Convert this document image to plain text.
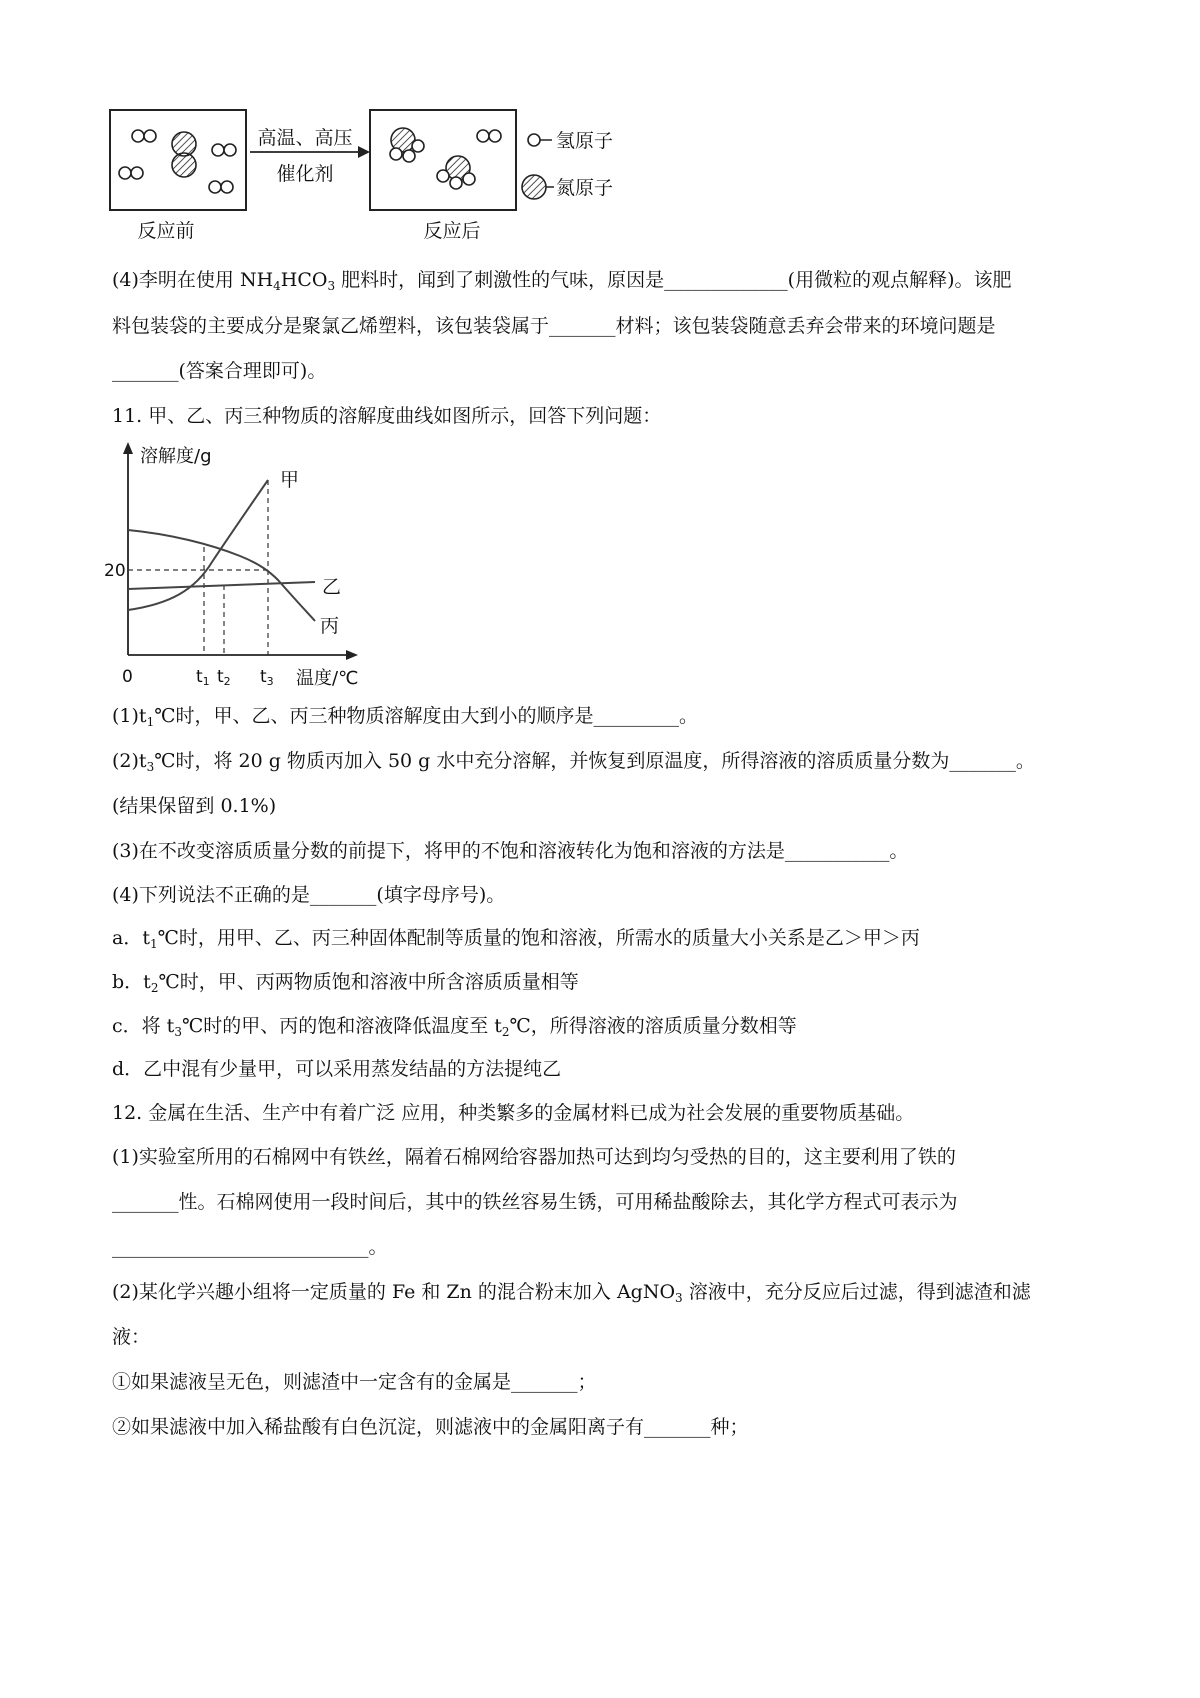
高温、高压
催化剂
反应前	反应后
氢原子
氮原子
(4)李明在使用 $NH_4HCO_3$ 肥料时，闻到了刺激性的气味，原因是_____________(用微粒的观点解释)。该肥
料包装袋的主要成分是聚氯乙烯塑料，该包装袋属于_______材料；该包装袋随意丢弃会带来的环境问题是
_______(答案合理即可)。
11. 甲、乙、丙三种物质的溶解度曲线如图所示，回答下列问题：
溶解度/g
0	温度/℃
20
甲
乙
丙
t1 t2 t3
$(1)t_1℃$时，甲、乙、丙三种物质溶解度由大到小的顺序是_________。
$(2)t_3℃$时，将 20 g 物质丙加入 50 g 水中充分溶解，并恢复到原温度，所得溶液的溶质质量分数为_______。
(结果保留到 0.1%)
(3)在不改变溶质质量分数的前提下，将甲的不饱和溶液转化为饱和溶液的方法是___________。
(4)下列说法不正确的是_______(填字母序号)。
a．$t_1℃$时，用甲、乙、丙三种固体配制等质量的饱和溶液，所需水的质量大小关系是乙＞甲＞丙
b．$t_2℃$时，甲、丙两物质饱和溶液中所含溶质质量相等
c．将 $t_3℃$时的甲、丙的饱和溶液降低温度至 $t_2℃$，所得溶液的溶质质量分数相等
d．乙中混有少量甲，可以采用蒸发结晶的方法提纯乙
12. 金属在生活、生产中有着广泛 应用，种类繁多的金属材料已成为社会发展的重要物质基础。
(1)实验室所用的石棉网中有铁丝，隔着石棉网给容器加热可达到均匀受热的目的，这主要利用了铁的
_______性。石棉网使用一段时间后，其中的铁丝容易生锈，可用稀盐酸除去，其化学方程式可表示为
___________________________。
(2)某化学兴趣小组将一定质量的 Fe 和 Zn 的混合粉末加入 AgNO$_3$ 溶液中，充分反应后过滤，得到滤渣和滤
液：
①如果滤液呈无色，则滤渣中一定含有的金属是_______；
②如果滤液中加入稀盐酸有白色沉淀，则滤液中的金属阳离子有_______种；
